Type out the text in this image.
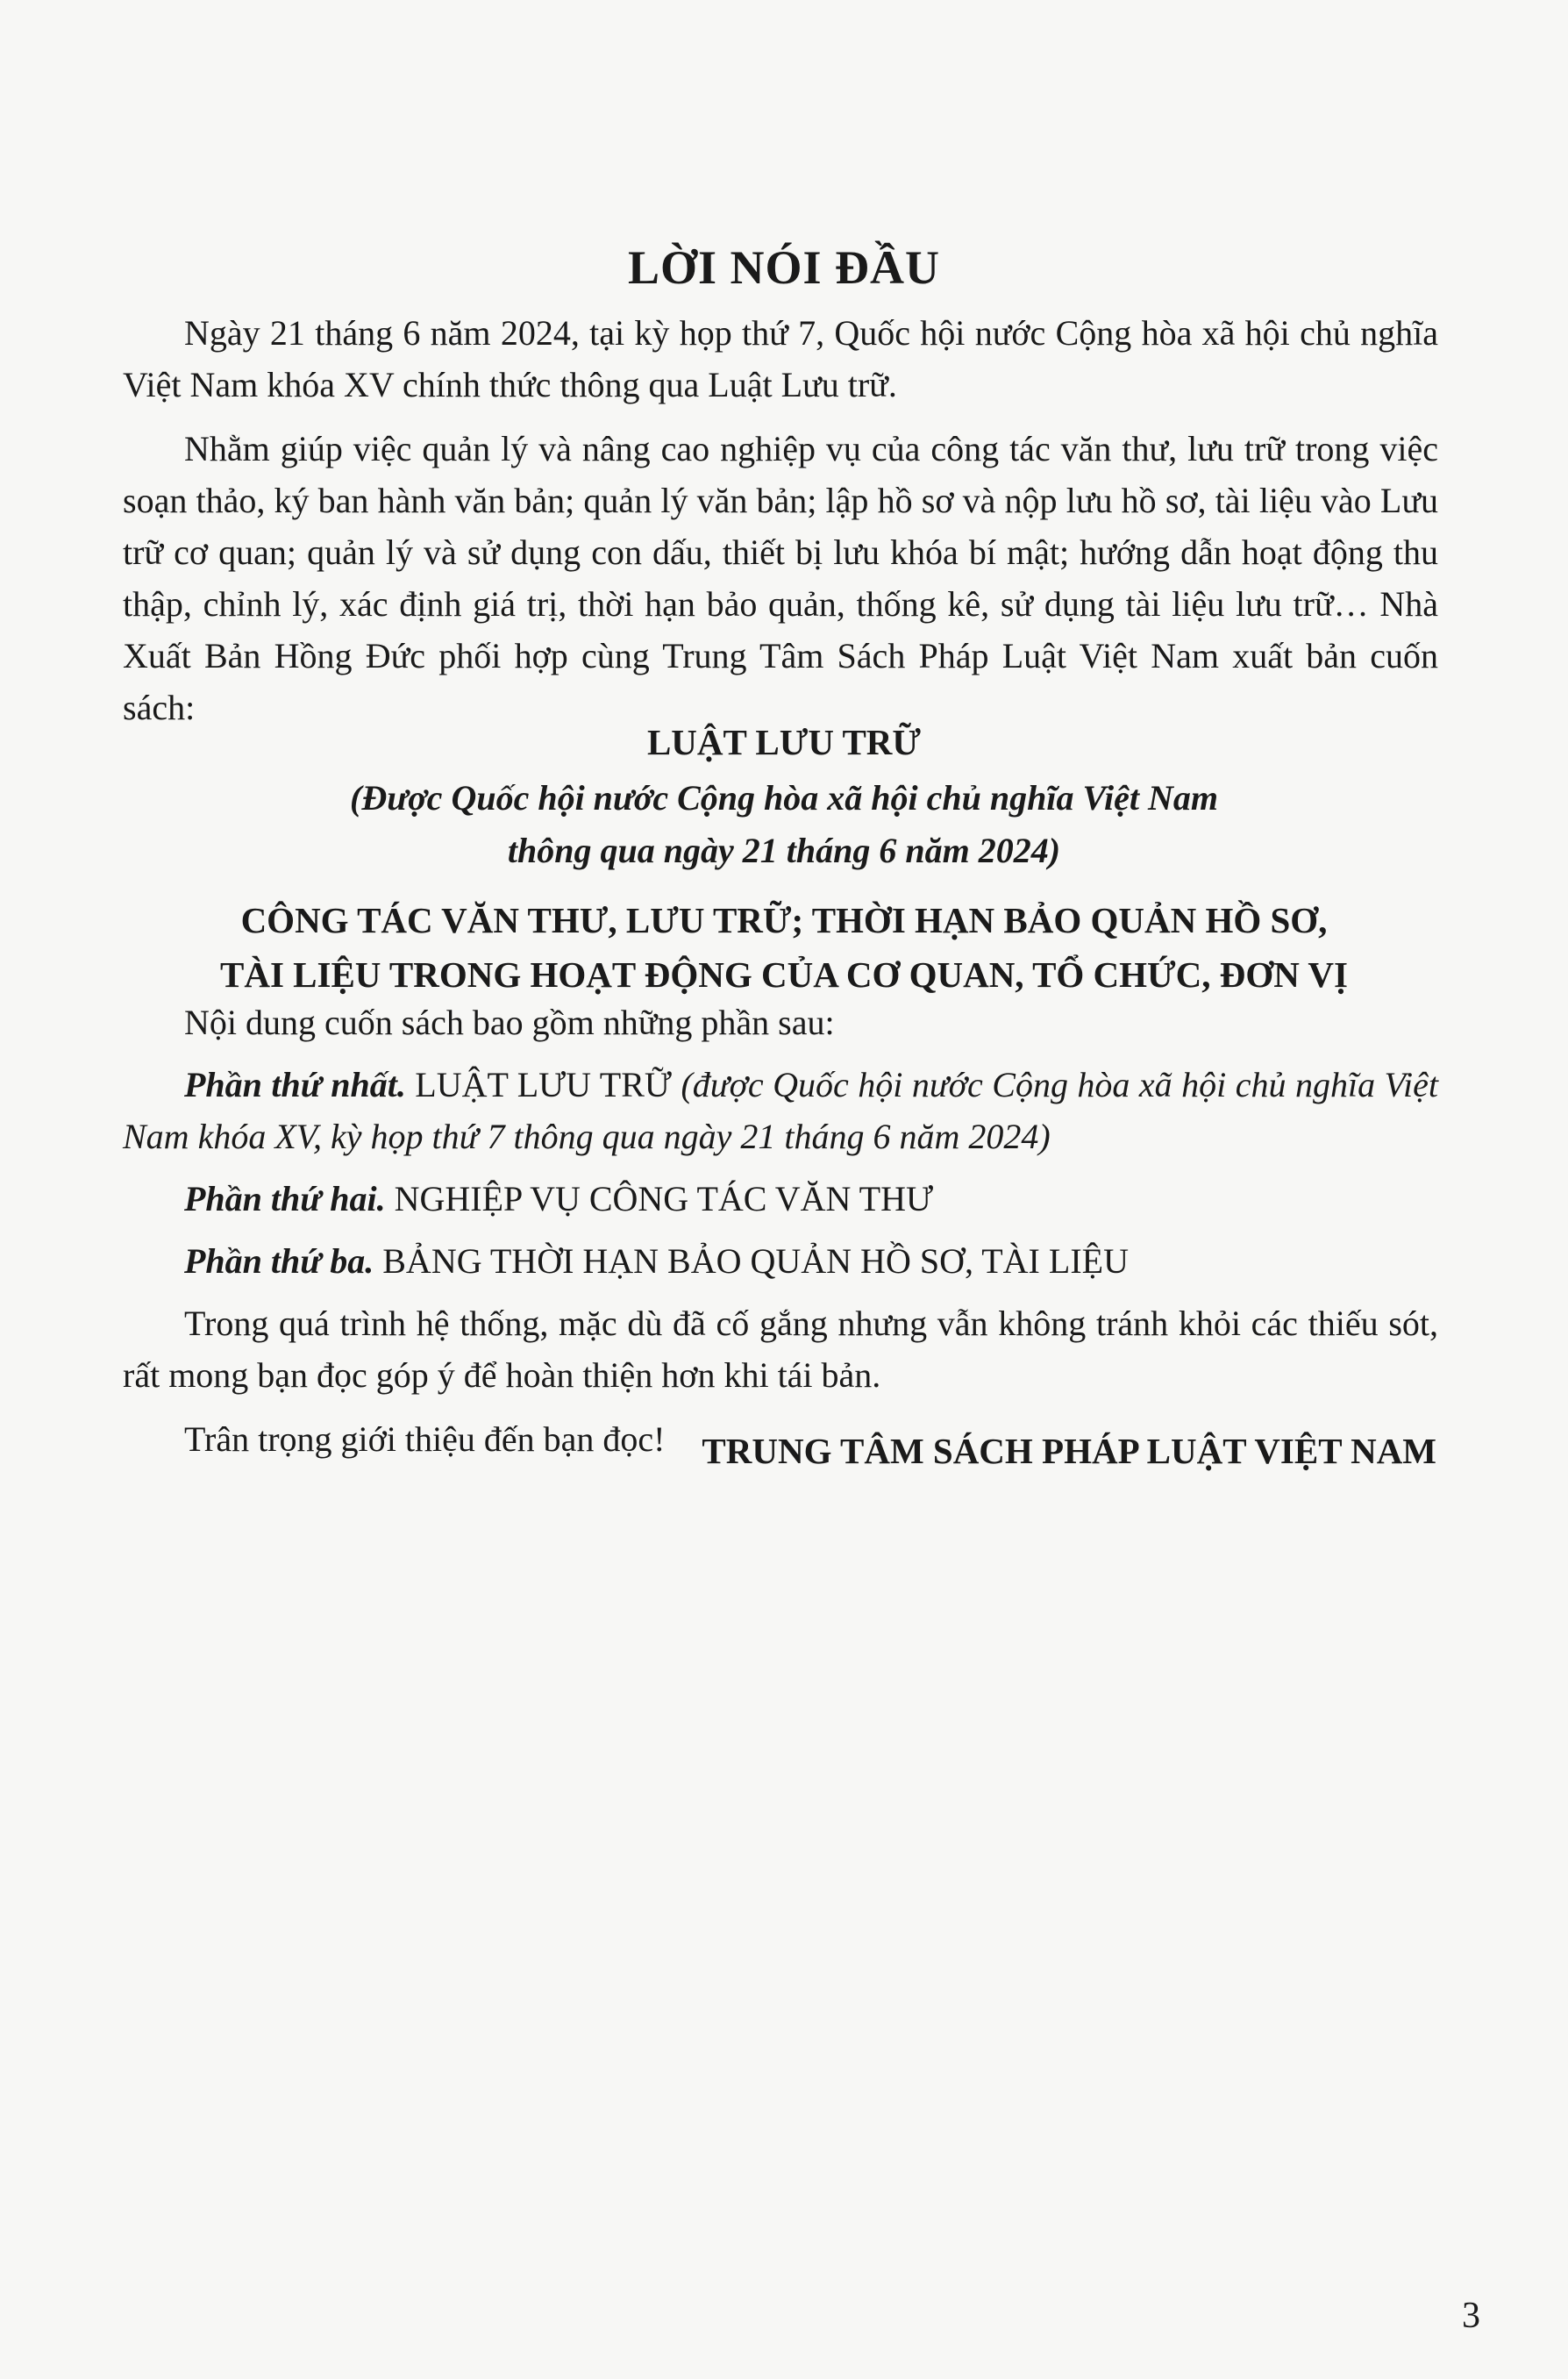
LỜI NÓI ĐẦU

Ngày 21 tháng 6 năm 2024, tại kỳ họp thứ 7, Quốc hội nước Cộng hòa xã hội chủ nghĩa Việt Nam khóa XV chính thức thông qua Luật Lưu trữ.

Nhằm giúp việc quản lý và nâng cao nghiệp vụ của công tác văn thư, lưu trữ trong việc soạn thảo, ký ban hành văn bản; quản lý văn bản; lập hồ sơ và nộp lưu hồ sơ, tài liệu vào Lưu trữ cơ quan; quản lý và sử dụng con dấu, thiết bị lưu khóa bí mật; hướng dẫn hoạt động thu thập, chỉnh lý, xác định giá trị, thời hạn bảo quản, thống kê, sử dụng tài liệu lưu trữ… Nhà Xuất Bản Hồng Đức phối hợp cùng Trung Tâm Sách Pháp Luật Việt Nam xuất bản cuốn sách:

LUẬT LƯU TRỮ
(Được Quốc hội nước Cộng hòa xã hội chủ nghĩa Việt Nam
thông qua ngày 21 tháng 6 năm 2024)
CÔNG TÁC VĂN THƯ, LƯU TRỮ; THỜI HẠN BẢO QUẢN HỒ SƠ,
TÀI LIỆU TRONG HOẠT ĐỘNG CỦA CƠ QUAN, TỔ CHỨC, ĐƠN VỊ

Nội dung cuốn sách bao gồm những phần sau:

Phần thứ nhất. LUẬT LƯU TRỮ (được Quốc hội nước Cộng hòa xã hội chủ nghĩa Việt Nam khóa XV, kỳ họp thứ 7 thông qua ngày 21 tháng 6 năm 2024)

Phần thứ hai. NGHIỆP VỤ CÔNG TÁC VĂN THƯ

Phần thứ ba. BẢNG THỜI HẠN BẢO QUẢN HỒ SƠ, TÀI LIỆU

Trong quá trình hệ thống, mặc dù đã cố gắng nhưng vẫn không tránh khỏi các thiếu sót, rất mong bạn đọc góp ý để hoàn thiện hơn khi tái bản.

Trân trọng giới thiệu đến bạn đọc!	TRUNG TÂM SÁCH PHÁP LUẬT VIỆT NAM
3
